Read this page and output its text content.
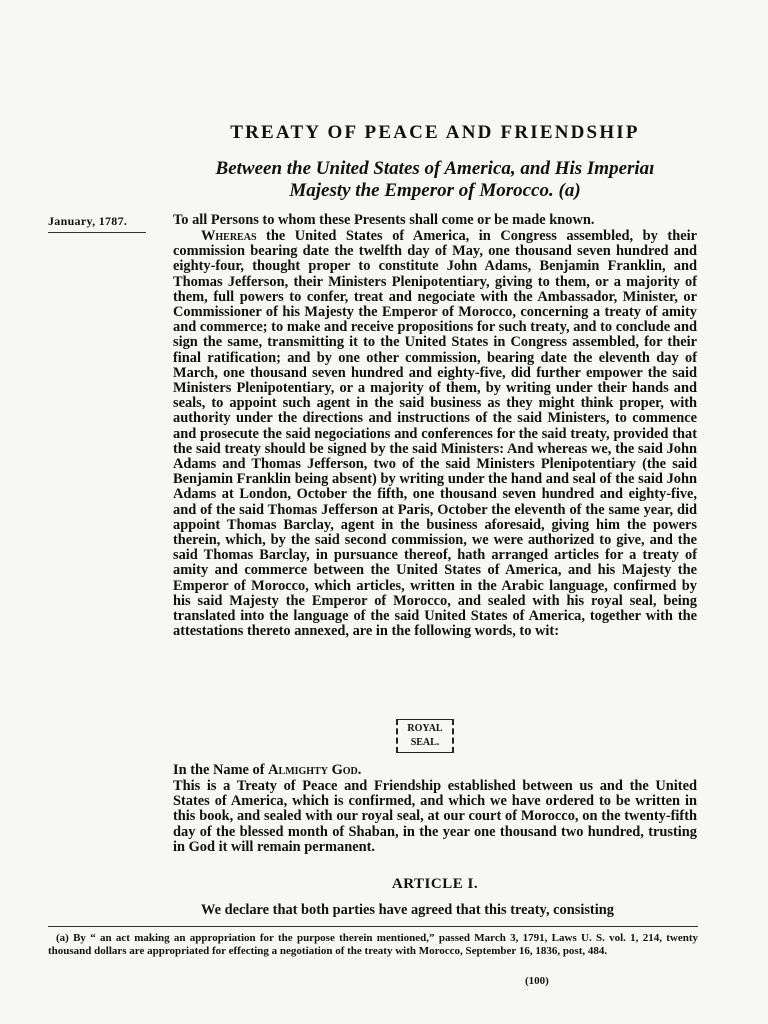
TREATY OF PEACE AND FRIENDSHIP
Between the United States of America, and His Imperiaı
Majesty the Emperor of Morocco. (a)
January, 1787.	To all Persons to whom these Presents shall come or be made known.
Whereas the United States of America, in Congress assembled, by their commission bearing date the twelfth day of May, one thousand seven hundred and eighty-four, thought proper to constitute John Adams, Benjamin Franklin, and Thomas Jefferson, their Ministers Plenipotentiary, giving to them, or a majority of them, full powers to confer, treat and negociate with the Ambassador, Minister, or Commissioner of his Majesty the Emperor of Morocco, concerning a treaty of amity and commerce; to make and receive propositions for such treaty, and to conclude and sign the same, transmitting it to the United States in Congress assembled, for their final ratification; and by one other commission, bearing date the eleventh day of March, one thousand seven hundred and eighty-five, did further empower the said Ministers Plenipotentiary, or a majority of them, by writing under their hands and seals, to appoint such agent in the said business as they might think proper, with authority under the directions and instructions of the said Ministers, to commence and prosecute the said negociations and conferences for the said treaty, provided that the said treaty should be signed by the said Ministers: And whereas we, the said John Adams and Thomas Jefferson, two of the said Ministers Plenipotentiary (the said Benjamin Franklin being absent) by writing under the hand and seal of the said John Adams at London, October the fifth, one thousand seven hundred and eighty-five, and of the said Thomas Jefferson at Paris, October the eleventh of the same year, did appoint Thomas Barclay, agent in the business aforesaid, giving him the powers therein, which, by the said second commission, we were authorized to give, and the said Thomas Barclay, in pursuance thereof, hath arranged articles for a treaty of amity and commerce between the United States of America, and his Majesty the Emperor of Morocco, which articles, written in the Arabic language, confirmed by his said Majesty the Emperor of Morocco, and sealed with his royal seal, being translated into the language of the said United States of America, together with the attestations thereto annexed, are in the following words, to wit:
ROYAL
SEAL.
In the Name of Almighty God.
This is a Treaty of Peace and Friendship established between us and the United States of America, which is confirmed, and which we have ordered to be written in this book, and sealed with our royal seal, at our court of Morocco, on the twenty-fifth day of the blessed month of Shaban, in the year one thousand two hundred, trusting in God it will remain permanent.
ARTICLE I.
We declare that both parties have agreed that this treaty, consisting
(a) By “ an act making an appropriation for the purpose therein mentioned,” passed March 3, 1791, Laws U. S. vol. 1, 214, twenty thousand dollars are appropriated for effecting a negotiation of the treaty with Morocco, September 16, 1836, post, 484.
(100)
